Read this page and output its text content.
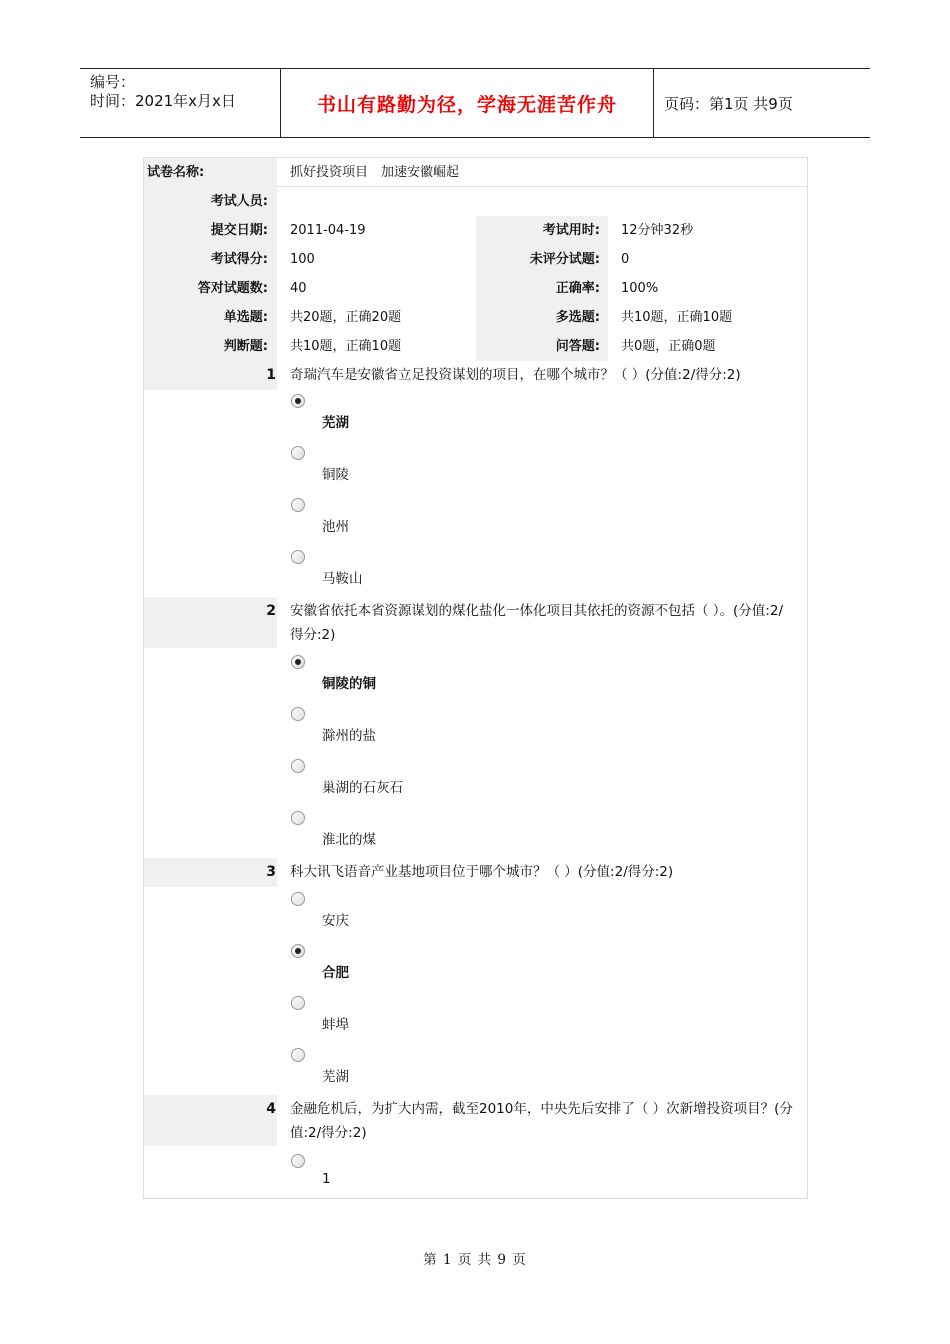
编号：
时间：2021年x月x日	书山有路勤为径，学海无涯苦作舟	页码：第1页 共9页
试卷名称:	抓好投资项目　加速安徽崛起
考试人员:
提交日期:	2011-04-19	考试用时:	12分钟32秒
考试得分:	100	未评分试题:	0
答对试题数:	40	正确率:	100%
单选题:	共20题，正确20题	多选题:	共10题，正确10题
判断题:	共10题，正确10题	问答题:	共0题，正确0题
1 奇瑞汽车是安徽省立足投资谋划的项目，在哪个城市？（ ）(分值:2/得分:2)
芜湖
铜陵
池州
马鞍山
2 安徽省依托本省资源谋划的煤化盐化一体化项目其依托的资源不包括（ ）。(分值:2/得分:2)
铜陵的铜
滁州的盐
巢湖的石灰石
淮北的煤
3 科大讯飞语音产业基地项目位于哪个城市？（ ）(分值:2/得分:2)
安庆
合肥
蚌埠
芜湖
4 金融危机后，为扩大内需，截至2010年，中央先后安排了（ ）次新增投资项目？(分值:2/得分:2)
1
第 1 页 共 9 页
